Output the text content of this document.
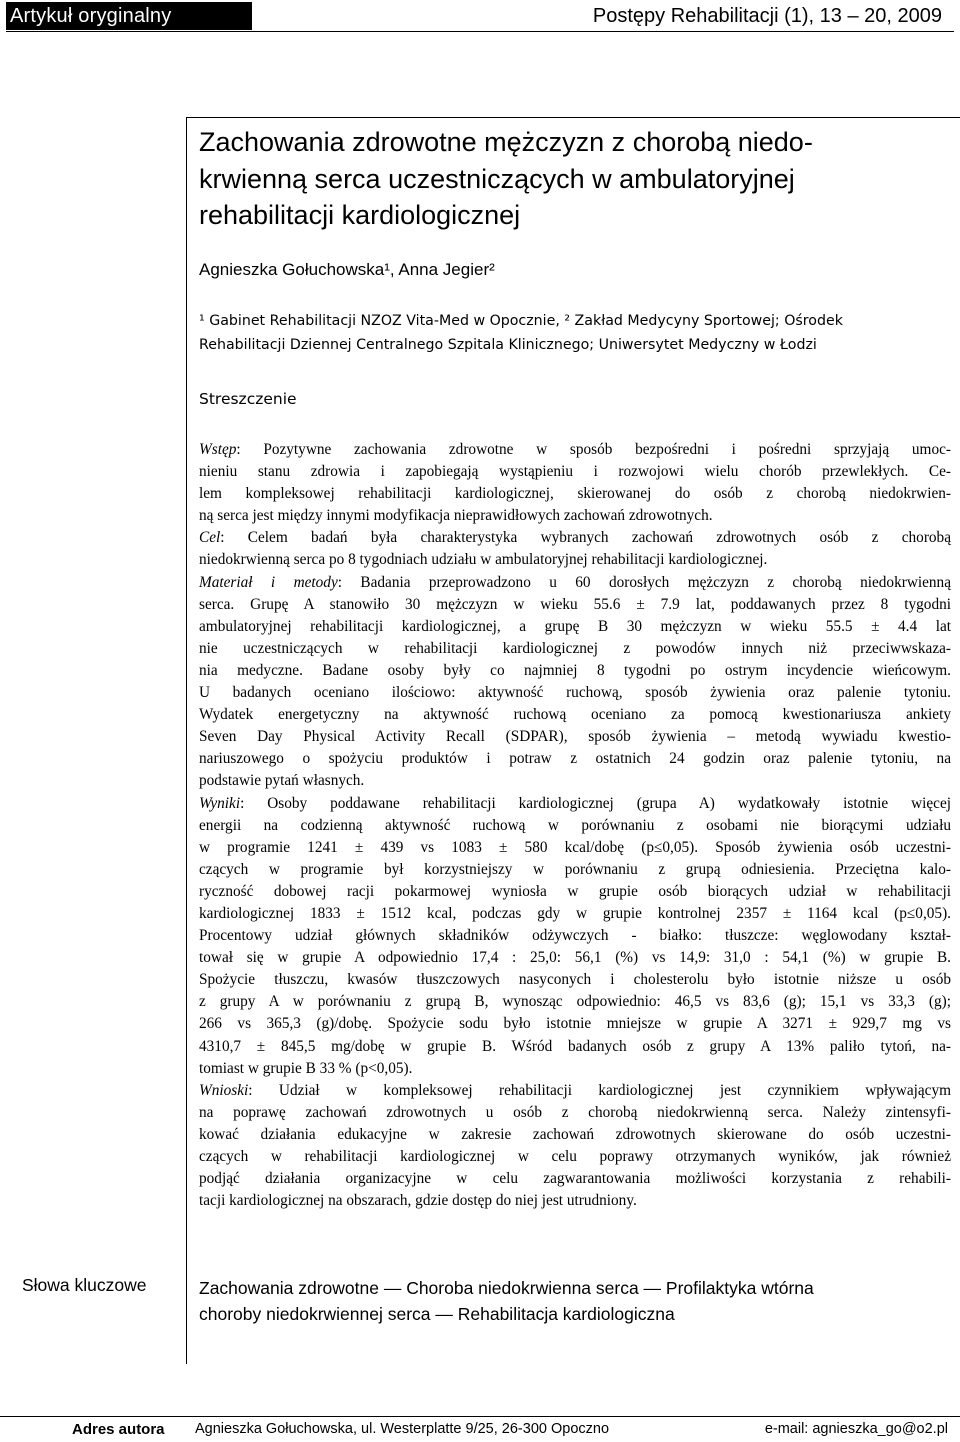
Artykuł oryginalny	Postępy Rehabilitacji (1), 13 – 20, 2009
Zachowania zdrowotne mężczyzn z chorobą niedo-
krwienną serca uczestniczących w ambulatoryjnej
rehabilitacji kardiologicznej
Agnieszka Gołuchowska¹, Anna Jegier²
¹ Gabinet Rehabilitacji NZOZ Vita-Med w Opocznie, ² Zakład Medycyny Sportowej; Ośrodek
Rehabilitacji Dziennej Centralnego Szpitala Klinicznego; Uniwersytet Medyczny w Łodzi
Streszczenie
Wstęp: Pozytywne zachowania zdrowotne w sposób bezpośredni i pośredni sprzyjają umoc-
nieniu stanu zdrowia i zapobiegają wystąpieniu i rozwojowi wielu chorób przewlekłych. Ce-
lem kompleksowej rehabilitacji kardiologicznej, skierowanej do osób z chorobą niedokrwien-
ną serca jest między innymi modyfikacja nieprawidłowych zachowań zdrowotnych.
Cel: Celem badań była charakterystyka wybranych zachowań zdrowotnych osób z chorobą
niedokrwienną serca po 8 tygodniach udziału w ambulatoryjnej rehabilitacji kardiologicznej.
Materiał i metody: Badania przeprowadzono u 60 dorosłych mężczyzn z chorobą niedokrwienną
serca. Grupę A stanowiło 30 mężczyzn w wieku 55.6 ± 7.9 lat, poddawanych przez 8 tygodni
ambulatoryjnej rehabilitacji kardiologicznej, a grupę B 30 mężczyzn w wieku 55.5 ± 4.4 lat
nie uczestniczących w rehabilitacji kardiologicznej z powodów innych niż przeciwwskaza-
nia medyczne. Badane osoby były co najmniej 8 tygodni po ostrym incydencie wieńcowym.
U badanych oceniano ilościowo: aktywność ruchową, sposób żywienia oraz palenie tytoniu.
Wydatek energetyczny na aktywność ruchową oceniano za pomocą kwestionariusza ankiety
Seven Day Physical Activity Recall (SDPAR), sposób żywienia – metodą wywiadu kwestio-
nariuszowego o spożyciu produktów i potraw z ostatnich 24 godzin oraz palenie tytoniu, na
podstawie pytań własnych.
Wyniki: Osoby poddawane rehabilitacji kardiologicznej (grupa A) wydatkowały istotnie więcej
energii na codzienną aktywność ruchową w porównaniu z osobami nie biorącymi udziału
w programie 1241 ± 439 vs 1083 ± 580 kcal/dobę (p≤0,05). Sposób żywienia osób uczestni-
czących w programie był korzystniejszy w porównaniu z grupą odniesienia. Przeciętna kalo-
ryczność dobowej racji pokarmowej wyniosła w grupie osób biorących udział w rehabilitacji
kardiologicznej 1833 ± 1512 kcal, podczas gdy w grupie kontrolnej 2357 ± 1164 kcal (p≤0,05).
Procentowy udział głównych składników odżywczych - białko: tłuszcze: węglowodany kształ-
tował się w grupie A odpowiednio 17,4 : 25,0: 56,1 (%) vs 14,9: 31,0 : 54,1 (%) w grupie B.
Spożycie tłuszczu, kwasów tłuszczowych nasyconych i cholesterolu było istotnie niższe u osób
z grupy A w porównaniu z grupą B, wynosząc odpowiednio: 46,5 vs 83,6 (g); 15,1 vs 33,3 (g);
266 vs 365,3 (g)/dobę. Spożycie sodu było istotnie mniejsze w grupie A 3271 ± 929,7 mg vs
4310,7 ± 845,5 mg/dobę w grupie B. Wśród badanych osób z grupy A 13% paliło tytoń, na-
tomiast w grupie B 33 % (p<0,05).
Wnioski: Udział w kompleksowej rehabilitacji kardiologicznej jest czynnikiem wpływającym
na poprawę zachowań zdrowotnych u osób z chorobą niedokrwienną serca. Należy zintensyfi-
kować działania edukacyjne w zakresie zachowań zdrowotnych skierowane do osób uczestni-
czących w rehabilitacji kardiologicznej w celu poprawy otrzymanych wyników, jak również
podjąć działania organizacyjne w celu zagwarantowania możliwości korzystania z rehabili-
tacji kardiologicznej na obszarach, gdzie dostęp do niej jest utrudniony.
Słowa kluczowe	Zachowania zdrowotne — Choroba niedokrwienna serca — Profilaktyka wtórna
choroby niedokrwiennej serca — Rehabilitacja kardiologiczna
Adres autora Agnieszka Gołuchowska, ul. Westerplatte 9/25, 26-300 Opoczno	e-mail: agnieszka_go@o2.pl
